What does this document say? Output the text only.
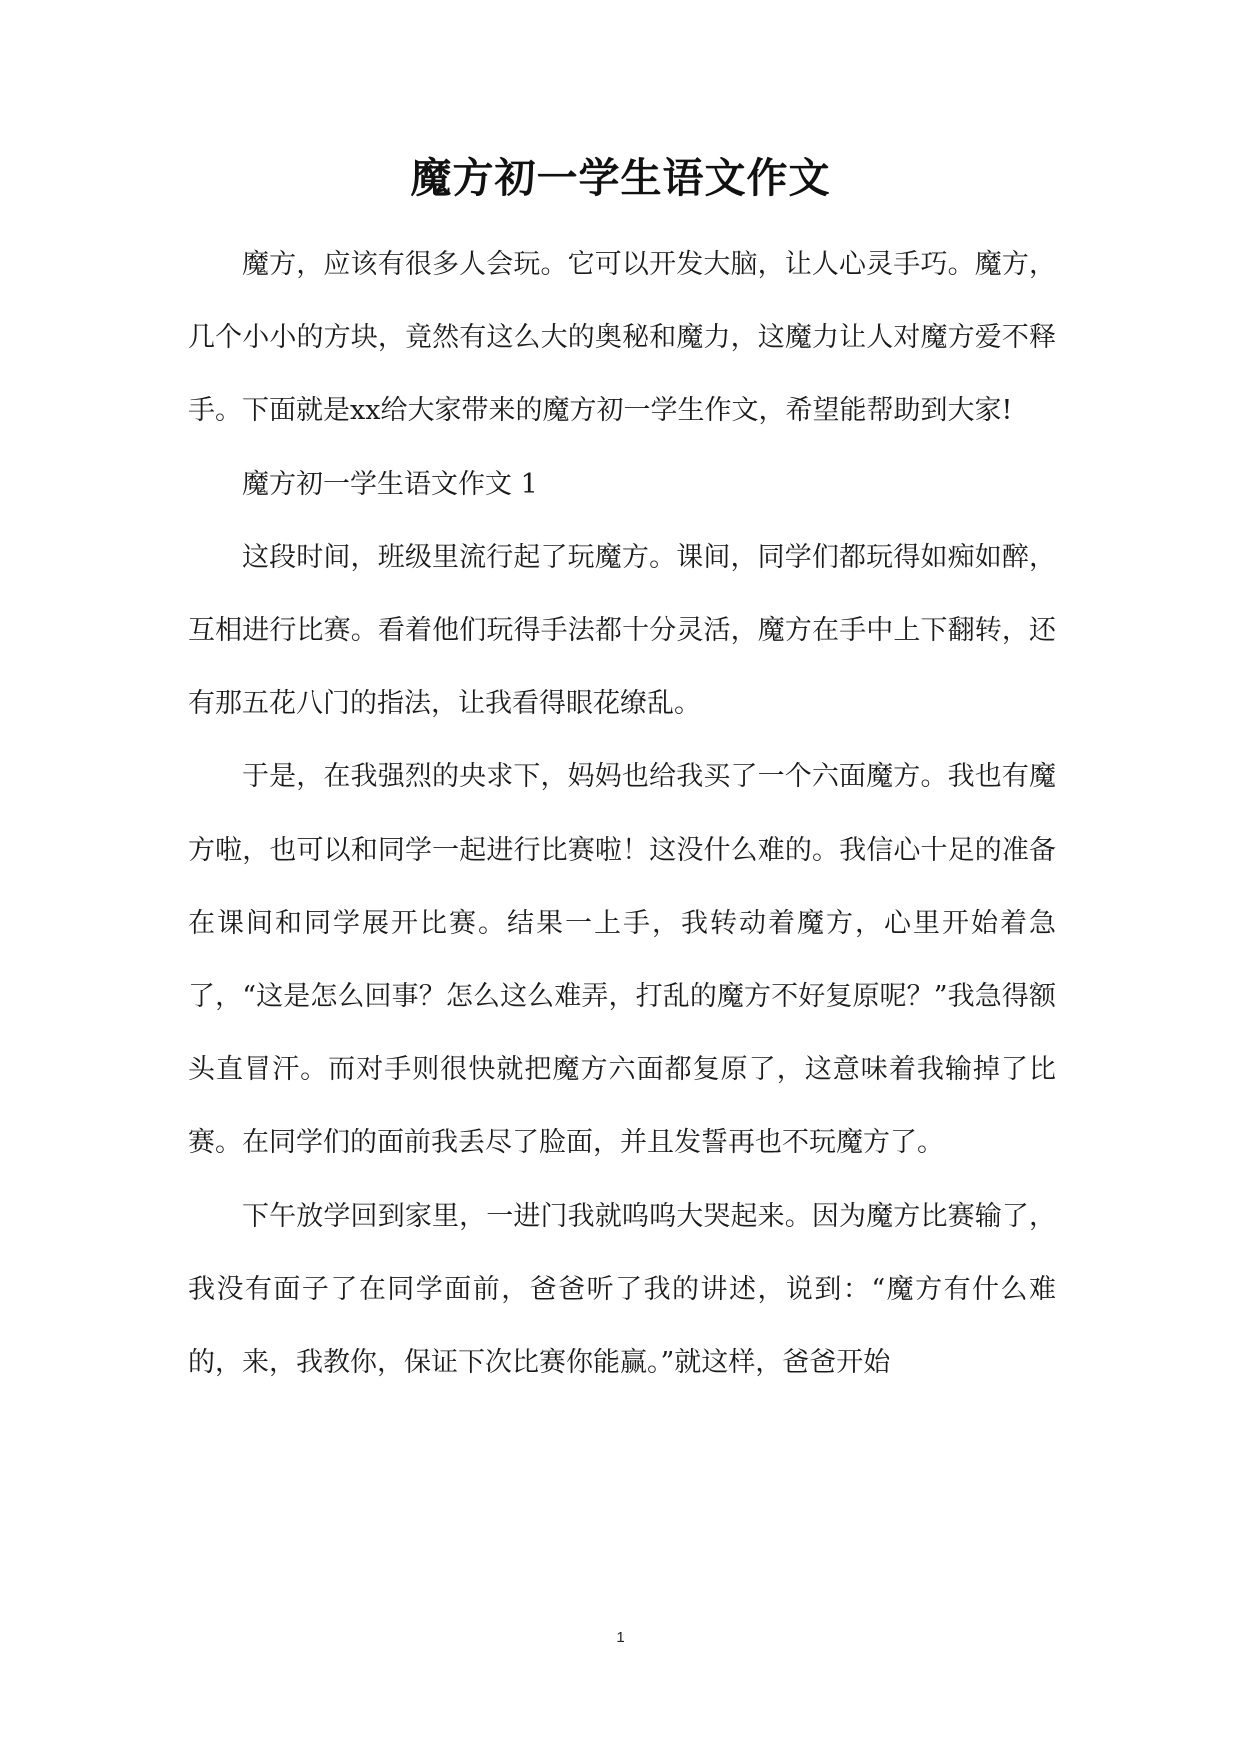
魔方初一学生语文作文

魔方，应该有很多人会玩。它可以开发大脑，让人心灵手巧。魔方，几个小小的方块，竟然有这么大的奥秘和魔力，这魔力让人对魔方爱不释手。下面就是xx给大家带来的魔方初一学生作文，希望能帮助到大家!

魔方初一学生语文作文 1

这段时间，班级里流行起了玩魔方。课间，同学们都玩得如痴如醉，互相进行比赛。看着他们玩得手法都十分灵活，魔方在手中上下翻转，还有那五花八门的指法，让我看得眼花缭乱。

于是，在我强烈的央求下，妈妈也给我买了一个六面魔方。我也有魔方啦，也可以和同学一起进行比赛啦！这没什么难的。我信心十足的准备在课间和同学展开比赛。结果一上手，我转动着魔方，心里开始着急了，“这是怎么回事？怎么这么难弄，打乱的魔方不好复原呢？”我急得额头直冒汗。而对手则很快就把魔方六面都复原了，这意味着我输掉了比赛。在同学们的面前我丢尽了脸面，并且发誓再也不玩魔方了。

下午放学回到家里，一进门我就呜呜大哭起来。因为魔方比赛输了，我没有面子了在同学面前，爸爸听了我的讲述，说到：“魔方有什么难的，来，我教你，保证下次比赛你能赢。”就这样，爸爸开始

1
